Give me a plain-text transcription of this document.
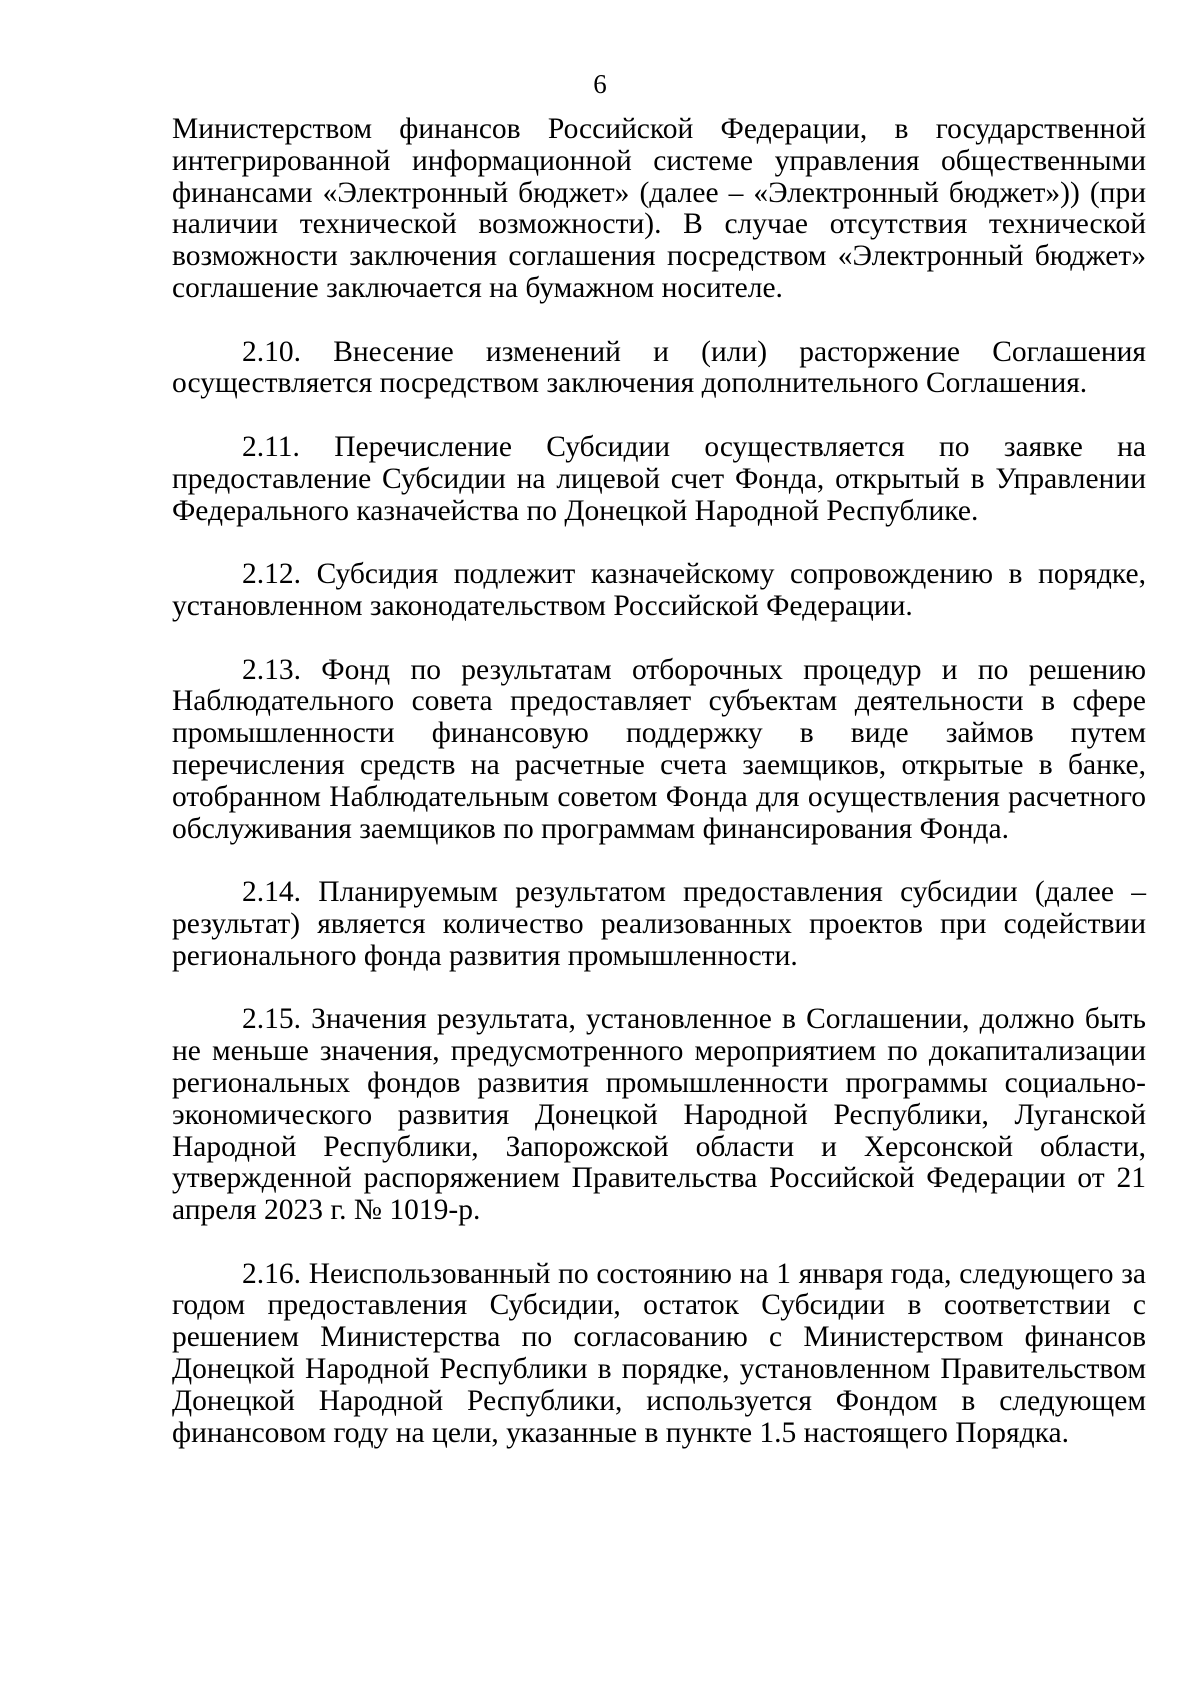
6

Министерством финансов Российской Федерации, в государственной интегрированной информационной системе управления общественными финансами «Электронный бюджет» (далее – «Электронный бюджет»)) (при наличии технической возможности). В случае отсутствия технической возможности заключения соглашения посредством «Электронный бюджет» соглашение заключается на бумажном носителе.

2.10. Внесение изменений и (или) расторжение Соглашения осуществляется посредством заключения дополнительного Соглашения.

2.11. Перечисление Субсидии осуществляется по заявке на предоставление Субсидии на лицевой счет Фонда, открытый в Управлении Федерального казначейства по Донецкой Народной Республике.

2.12. Субсидия подлежит казначейскому сопровождению в порядке, установленном законодательством Российской Федерации.

2.13. Фонд по результатам отборочных процедур и по решению Наблюдательного совета предоставляет субъектам деятельности в сфере промышленности финансовую поддержку в виде займов путем перечисления средств на расчетные счета заемщиков, открытые в банке, отобранном Наблюдательным советом Фонда для осуществления расчетного обслуживания заемщиков по программам финансирования Фонда.

2.14. Планируемым результатом предоставления субсидии (далее – результат) является количество реализованных проектов при содействии регионального фонда развития промышленности.

2.15. Значения результата, установленное в Соглашении, должно быть не меньше значения, предусмотренного мероприятием по докапитализации региональных фондов развития промышленности программы социально-экономического развития Донецкой Народной Республики, Луганской Народной Республики, Запорожской области и Херсонской области, утвержденной распоряжением Правительства Российской Федерации от 21 апреля 2023 г. № 1019-р.

2.16. Неиспользованный по состоянию на 1 января года, следующего за годом предоставления Субсидии, остаток Субсидии в соответствии с решением Министерства по согласованию с Министерством финансов Донецкой Народной Республики в порядке, установленном Правительством Донецкой Народной Республики, используется Фондом в следующем финансовом году на цели, указанные в пункте 1.5 настоящего Порядка.
